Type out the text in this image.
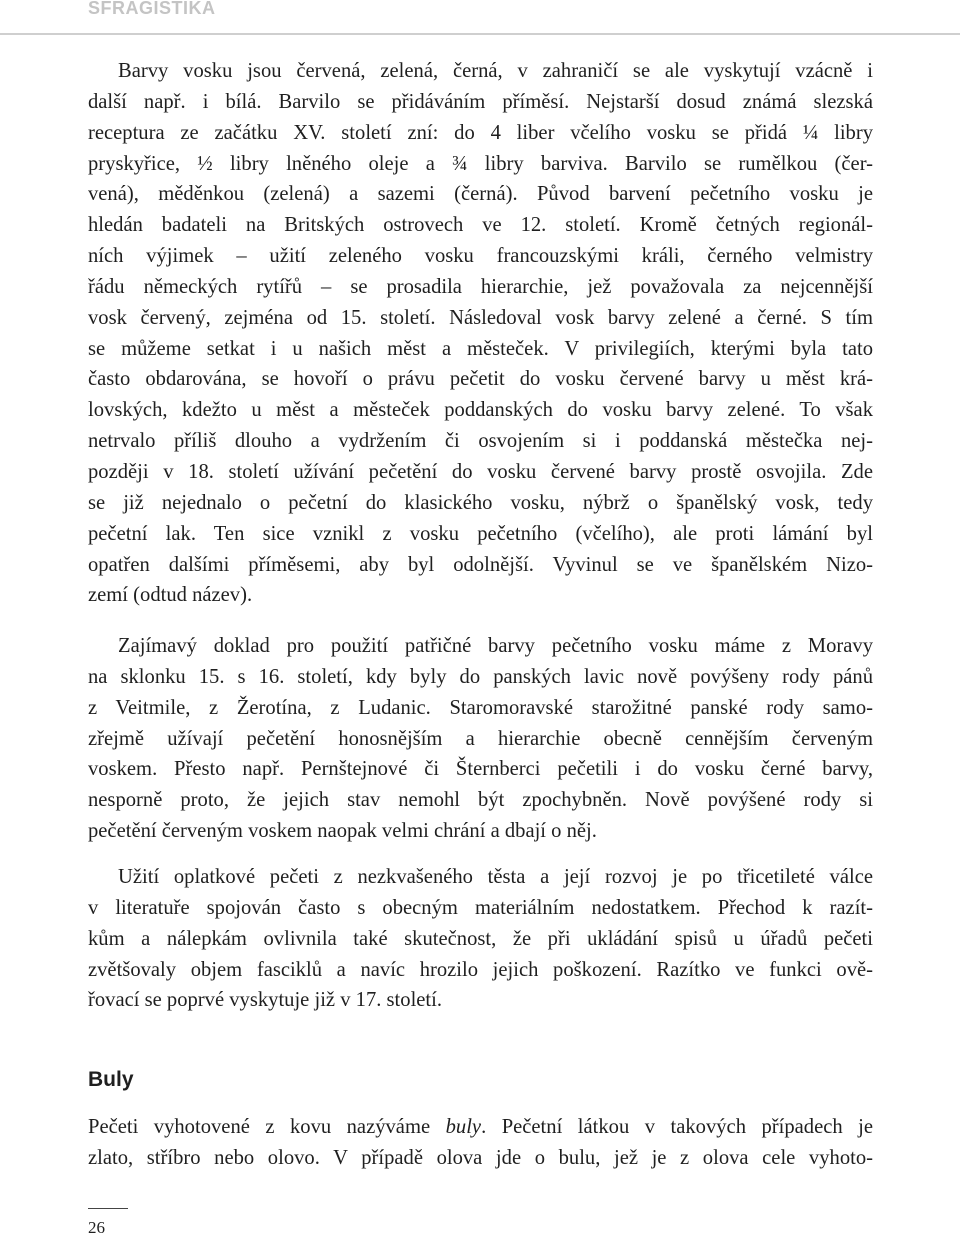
SFRAGISTIKA
Barvy vosku jsou červená, zelená, černá, v zahraničí se ale vyskytují vzácně i
další např. i bílá. Barvilo se přidáváním příměsí. Nejstarší dosud známá slezská
receptura ze začátku XV. století zní: do 4 liber včelího vosku se přidá ¼ libry
pryskyřice, ½ libry lněného oleje a ¾ libry barviva. Barvilo se rumělkou (čer-
vená), měděnkou (zelená) a sazemi (černá). Původ barvení pečetního vosku je
hledán badateli na Britských ostrovech ve 12. století. Kromě četných regionál-
ních výjimek – užití zeleného vosku francouzskými králi, černého velmistry
řádu německých rytířů – se prosadila hierarchie, jež považovala za nejcennější
vosk červený, zejména od 15. století. Následoval vosk barvy zelené a černé. S tím
se můžeme setkat i u našich měst a městeček. V privilegiích, kterými byla tato
často obdarována, se hovoří o právu pečetit do vosku červené barvy u měst krá-
lovských, kdežto u měst a městeček poddanských do vosku barvy zelené. To však
netrvalo příliš dlouho a vydržením či osvojením si i poddanská městečka nej-
později v 18. století užívání pečetění do vosku červené barvy prostě osvojila. Zde
se již nejednalo o pečetní do klasického vosku, nýbrž o španělský vosk, tedy
pečetní lak. Ten sice vznikl z vosku pečetního (včelího), ale proti lámání byl
opatřen dalšími příměsemi, aby byl odolnější. Vyvinul se ve španělském Nizo-
zemí (odtud název).
Zajímavý doklad pro použití patřičné barvy pečetního vosku máme z Moravy
na sklonku 15. s 16. století, kdy byly do panských lavic nově povýšeny rody pánů
z Veitmile, z Žerotína, z Ludanic. Staromoravské starožitné panské rody samo-
zřejmě užívají pečetění honosnějším a hierarchie obecně cennějším červeným
voskem. Přesto např. Pernštejnové či Šternberci pečetili i do vosku černé barvy,
nesporně proto, že jejich stav nemohl být zpochybněn. Nově povýšené rody si
pečetění červeným voskem naopak velmi chrání a dbají o něj.
Užití oplatkové pečeti z nezkvašeného těsta a její rozvoj je po třicetileté válce
v literatuře spojován často s obecným materiálním nedostatkem. Přechod k razít-
kům a nálepkám ovlivnila také skutečnost, že při ukládání spisů u úřadů pečeti
zvětšovaly objem fasciklů a navíc hrozilo jejich poškození. Razítko ve funkci ově-
řovací se poprvé vyskytuje již v 17. století.
Buly
Pečeti vyhotovené z kovu nazýváme buly. Pečetní látkou v takových případech je
zlato, stříbro nebo olovo. V případě olova jde o bulu, jež je z olova cele vyhoto-
26
